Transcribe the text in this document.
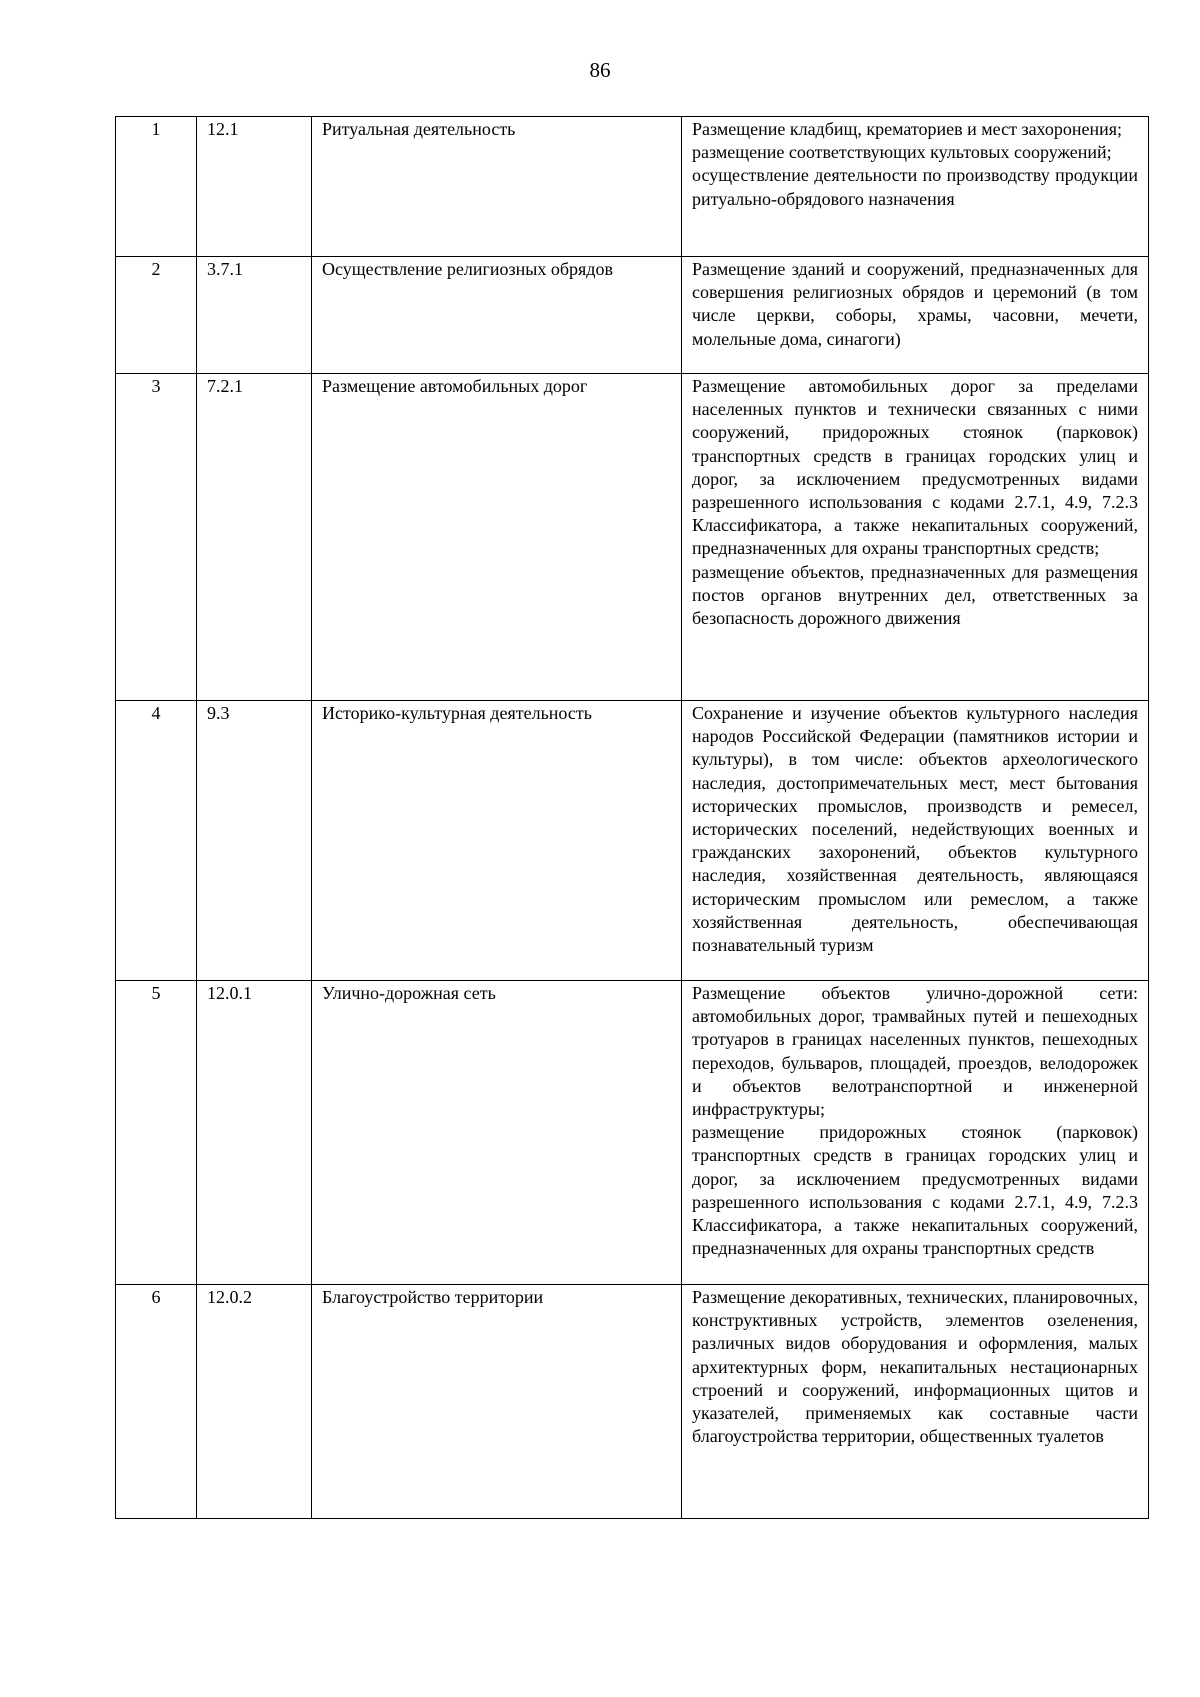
86
1	12.1	Ритуальная деятельность	Размещение кладбищ, крематориев и мест захоронения;

размещение соответствующих культовых сооружений;

осуществление деятельности по производству продукции ритуально-обрядового назначения

2	3.7.1	Осуществление религиозных обрядов	Размещение зданий и сооружений, предназначенных для совершения религиозных обрядов и церемоний (в том числе церкви, соборы, храмы, часовни, мечети, молельные дома, синагоги)

3	7.2.1	Размещение автомобильных дорог	Размещение автомобильных дорог за пределами населенных пунктов и технически связанных с ними сооружений, придорожных стоянок (парковок) транспортных средств в границах городских улиц и дорог, за исключением предусмотренных видами разрешенного использования с кодами 2.7.1, 4.9, 7.2.3 Классификатора, а также некапитальных сооружений, предназначенных для охраны транспортных средств;

размещение объектов, предназначенных для размещения постов органов внутренних дел, ответственных за безопасность дорожного движения

4	9.3	Историко-культурная деятельность	Сохранение и изучение объектов культурного наследия народов Российской Федерации (памятников истории и культуры), в том числе: объектов археологического наследия, достопримечательных мест, мест бытования исторических промыслов, производств и ремесел, исторических поселений, недействующих военных и гражданских захоронений, объектов культурного наследия, хозяйственная деятельность, являющаяся историческим промыслом или ремеслом, а также хозяйственная деятельность, обеспечивающая познавательный туризм

5	12.0.1	Улично-дорожная сеть	Размещение объектов улично-дорожной сети: автомобильных дорог, трамвайных путей и пешеходных тротуаров в границах населенных пунктов, пешеходных переходов, бульваров, площадей, проездов, велодорожек и объектов велотранспортной и инженерной инфраструктуры;

размещение придорожных стоянок (парковок) транспортных средств в границах городских улиц и дорог, за исключением предусмотренных видами разрешенного использования с кодами 2.7.1, 4.9, 7.2.3 Классификатора, а также некапитальных сооружений, предназначенных для охраны транспортных средств

6	12.0.2	Благоустройство территории	Размещение декоративных, технических, планировочных, конструктивных устройств, элементов озеленения, различных видов оборудования и оформления, малых архитектурных форм, некапитальных нестационарных строений и сооружений, информационных щитов и указателей, применяемых как составные части благоустройства территории, общественных туалетов
